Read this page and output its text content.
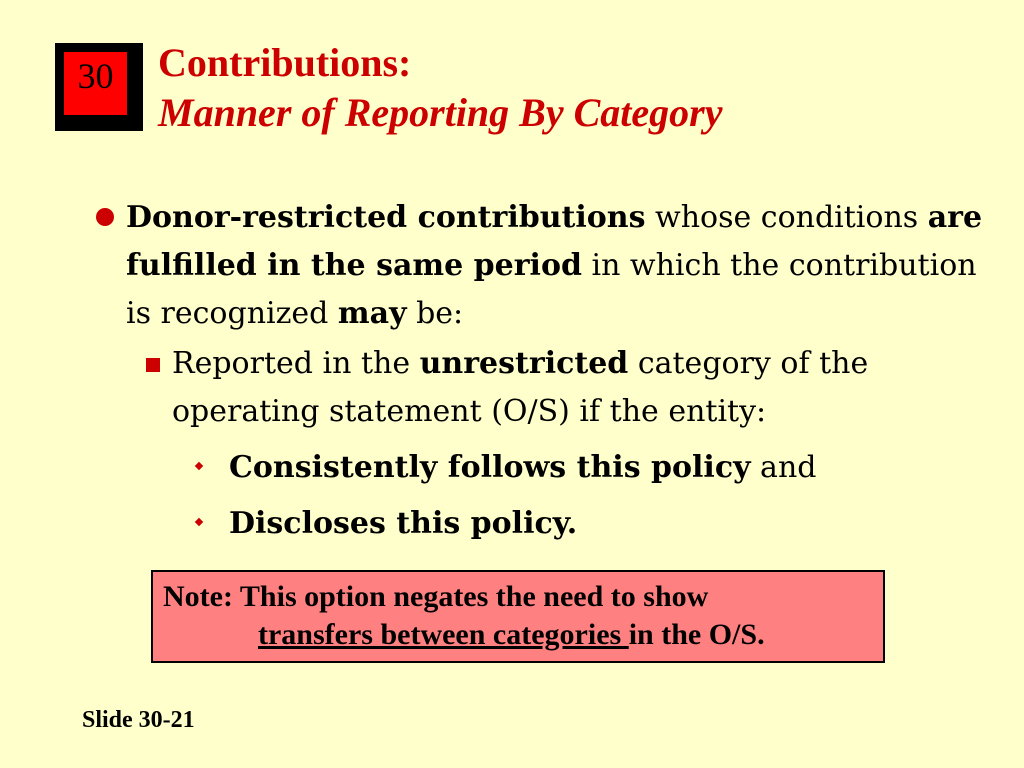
30	Contributions:
Manner of Reporting By Category
Donor-restricted contributions whose conditions are fulfilled in the same period in which the contribution is recognized may be:
Reported in the unrestricted category of the operating statement (O/S) if the entity:
Consistently follows this policy and
Discloses this policy.
Note: This option negates the need to show
transfers between categories in the O/S.
Slide 30-21
